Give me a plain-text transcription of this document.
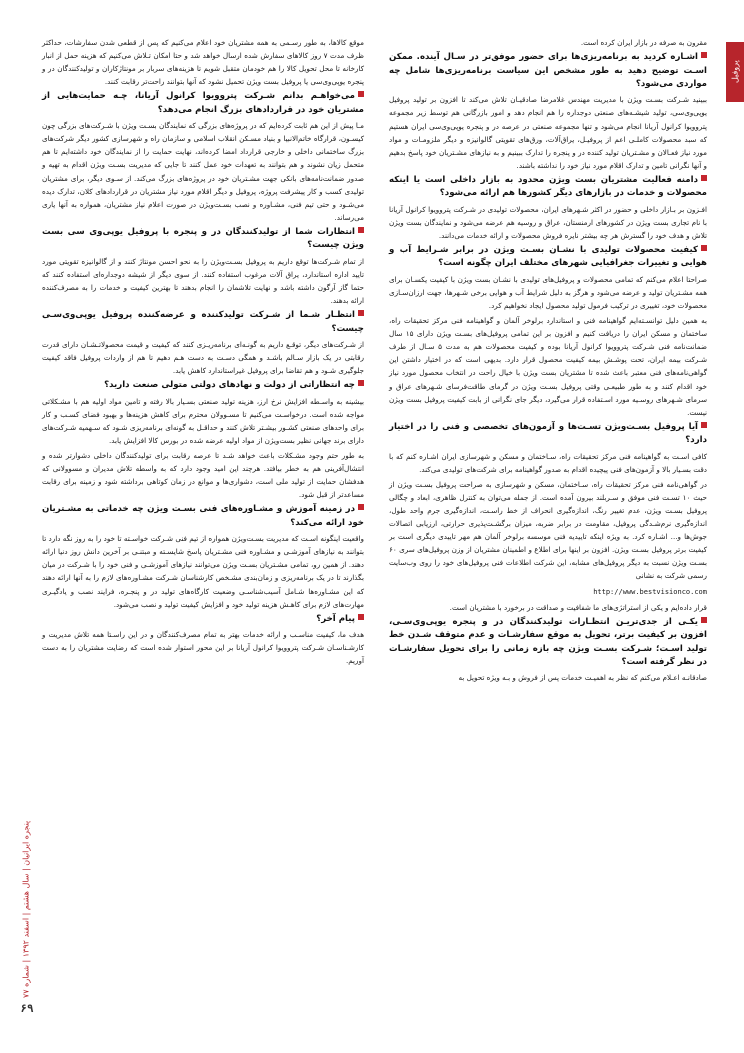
پروفیل
پنجره ایرانیان | سال هشتم | اسفند ۱۳۹۲ | شماره ۷۷
۶۹

مقرون به صرفه در بازار ایران کرده است.

اشـاره کردید به برنامه‌ریزی‌ها برای حضور موفق‌تر در سـال آینده. ممکن اسـت توضیح دهید به طور مشخص این سیاست برنامه‌ریزی‌ها شامل چه مواردی می‌شود؟

ببینید شـرکت بسـت ویژن با مدیریت مهندس غلامرضا صادقیـان تلاش می‌کند تا افزون بر تولید پروفیل یوپی‌وی‌سی، تولید شیشـه‌های صنعتی دوجداره را هم انجام دهد و امور بازرگانی هم توسط زیر مجموعه پتروویوا کرانول آریانا انجام می‌شود و تنها مجموعه صنعتی در عرصه در و پنجره یوپی‌وی‌سی ایران هستیم که سبد محصولات کاملـی اعم از پروفیـل، یراق‌آلات، ورق‌های تقویتی گالوانیزه و دیگر ملزومـات و مواد مورد نیاز فعـالان و مشـتریان تولید کننده در و پنجره را تدارک ببینیم و به نیازهای مشـتریان خود پاسخ بدهیم و آنها نگرانی تامین و تدارک اقلام مورد نیاز خود را نداشته باشند.

دامنه فعالیت مشتریان بست ویژن محدود به بازار داخلی است یا اینکه محصولات و خدمات در بازارهای دیگر کشورها هم ارائه می‌شود؟

افـزون بر بـازار داخلی و حضور در اکثر شـهرهای ایران، محصولات تولیدی در شـرکت پتروویوا کرانول آریانا با نام تجاری بست ویژن در کشورهای ارمنستان، عراق و روسیه هم عرضه می‌شود و نمایندگان بست ویژن تلاش و هدف خود را گسترش هر چه بیشتر نایره فروش محصولات و ارائه خدمات می‌دانند.

کیفیت محصولات تولیدی با نشـان بسـت ویژن در برابر شـرایط آب و هوایی و تغییرات جغرافیایی شهرهای مختلف ایران چگونه است؟

صراحتا اعلام می‌کنم که تمامی محصولات و پروفیل‌های تولیدی با نشـان بست ویژن با کیفیت یکسـان برای همه مشـتریان تولید و عرضه می‌شود و هرگز به دلیل شرایط آب و هوایی برخی شـهرها، جهت ارزان‌سـازی محصولات خود، تغییری در ترکیب فرمول تولید محصول ایجاد نخواهیم کرد.

به همین دلیل توانسـته‌ایم گواهینامه فنی و استاندارد برلوخر آلمان و گواهینامه فنی مرکز تحقیقات راه، ساختمان و مسکن ایران را دریافت کنیم و افزون بر این تمامی پروفیل‌های بسـت ویژن دارای ۱۵ سال ضمانت‌نامه فنی شـرکت پتروویوا کرانول آریانا بوده و کیفیت محصولات هم به مدت ۵ سـال از طرف شـرکت بیمه ایران، تحت پوشـش بیمه کیفیت محصول قرار دارد. بدیهی است که در اختیار داشتن این گواهی‌نامه‌های فنی معتبر باعث شده تا مشتریان بست ویژن با خیال راحت در انتخاب محصول مورد نیاز خود اقدام کنند و به طور طبیعـی وقتی پروفیل بسـت ویژن در گرمای طاقت‌فرسای شـهرهای عراق و سرمای شـهرهای روسـیه مورد اسـتفاده قرار می‌گیرد، دیگر جای نگرانی از بابت کیفیت پروفیل بست ویژن نیست.

آیا پروفیل بسـت‌ویژن تسـت‌ها و آزمون‌های تخصصی و فنی را در اختیار دارد؟

کافی اسـت به گواهینامه فنی مرکز تحقیقات راه، سـاختمان و مسکن و شهرسازی ایران اشـاره کنم که با دقت بسـیار بالا و آزمون‌های فنی پیچیده اقدام به صدور گواهینامه برای شرکت‌های تولیدی می‌کند.

در گواهی‌نامه فنی مرکز تحقیقات راه، سـاختمان، مسکن و شهرسازی به صراحت پروفیل بسـت ویژن از حیث ۱۰ تسـت فنی موفق و سـربلند بیرون آمده است. از جمله می‌توان به کنترل ظاهری، ابعاد و چگالی پروفیل بسـت ویژن، عدم تغییر رنگ، اندازه‌گیری انحراف از خط راسـت، اندازه‌گیری جرم واحد طول، اندازه‌گیری نرم‌شـدگی پروفیل، مقاومت در برابر ضربه، میزان برگشـت‌پذیری حرارتی، ارزیابی اتصالات جوش‌ها و... اشـاره کرد. به ویژه اینکه تاییدیه فنی موسسه برلوخر آلمان هم مهر تاییدی دیگری است بر کیفیت برتر پروفیل بسـت ویژن. افزون بر اینها برای اطلاع و اطمینان مشتریان از وزن پروفیل‌های سری ۶۰ بسـت ویژن نسبت به دیگر پروفیل‌های مشابه، این شرکت اطلاعات فنی پروفیل‌های خود را روی وب‌سایت رسمی شرکت به نشانی

http://www.bestvisionco.com

قرار داده‌ایم و یکی از استراتژی‌های ما شفافیت و صداقت در برخورد با مشتریان است.

یکـی از جدی‌تریـن انتظـارات تولیدکنندگان در و پنجره یوپی‌وی‌سـی، افزون بر کیفیت برتر، تحویل به موقع سفارشـات و عدم متوقف شـدن خط تولید اسـت؛ شـرکت بسـت ویژن چه بازه زمانی را برای تحویل سفارشـات در نظر گرفته است؟

صادقانـه اعـلام می‌کنم که نظر به اهمیـت خدمات پس از فروش و بـه ویژه تحویل به

موقع کالاها، به طور رسـمی به همه مشتریان خود اعلام می‌کنیم که پس از قطعی شدن سفارشات، حداکثر ظرف مدت ۷ روز کالاهای سفارش شده ارسال خواهد شد و حتا امکان تـلاش می‌کنیم که هزینه حمل از انبار کارخانه تا محل تحویل کالا را هم خودمان متقبل شویم تا هزینه‌های سربار بر مونتاژکاران و تولیدکنندگان در و پنجره یوپی‌وی‌سی یا پروفیل بست ویژن تحمیل نشود که آنها بتوانند راحت‌تر رقابت کنند.

می‌خواهـم بدانم شـرکت پتروویوا کرانول آریانا، چـه حمایت‌هایی از مشتریان خود در قراردادهای بزرگ انجام می‌دهد؟

مـا پیش از این هم ثابت کرده‌ایم که در پروژه‌های بزرگی که نمایندگان بسـت ویژن با شـرکت‌های بزرگی چون کیسـون، قرارگاه خاتم‌الانبیا و بنیاد مسـکن انقلاب اسلامی و سازمان راه و شهرسازی کشور دیگر شرکت‌های بزرگ ساختمانی داخلی و خارجی قرارداد امضا کرده‌اند، نهایت حمایت را از نمایندگان خود داشته‌ایم تا هم متحمل زیان نشوند و هم بتوانند به تعهدات خود عمل کنند تا جایی که مدیریت بسـت ویژن اقدام به تهیه و صدور ضمانت‌نامه‌های بانکی جهت مشـتریان خود در پروژه‌های بزرگ می‌کند. از سـوی دیگر، برای مشتریان تولیدی کسب و کار پیشرفت پروژه، پروفیل و دیگر اقلام مورد نیاز مشتریان در قراردادهای کلان، تدارک دیده می‌شـود و حتی تیم فنی، مشـاوره و نصب بسـت‌ویژن در صورت اعلام نیاز مشتریان، همواره به آنها یاری می‌رساند.

انتظارات شما از تولیدکنندگان در و پنجره با پروفیل یوپی‌وی‌ سی بست ویژن چیست؟

از تمام شـرکت‌ها توقع داریم به پروفیل بسـت‌ویژن را به نحو احسن مونتاژ کنند و از گالوانیزه تقویتی مورد تایید اداره استاندارد، یراق آلات مرغوب استفاده کنند. از سوی دیگر از شیشه دوجداره‌ای استفاده کنند که حتما گاز آرگون داشته باشد و نهایت تلاشمان را انجام بدهند تا بهترین کیفیت و خدمات را به مصرف‌کننده ارائه بدهند.

انتظـار شـما از شـرکت تولیدکننده و عرضه‌کننده پروفیل یوپی‌وی‌سـی چیست؟

از شـرکت‌های دیگر، توقـع داریم به گونـه‌ای برنامه‌ریـزی کنند که کیفیت و قیمت محصولاتـشـان دارای قدرت رقابتی در یک بازار سـالم باشـد و همگی دسـت به دست هـم دهیم تا هم از واردات پروفیل فاقد کیفیت جلوگیری شـود و هم تقاضا برای پروفیل غیراستاندارد کاهش یابد.

چه انتظاراتی از دولت و نهادهای دولتی متولی صنعت دارید؟

بیشینه به واسـطه افزایش نرخ ارز، هزینه تولید صنعتی بسـیار بالا رفته و تامین مواد اولیه هم با مشـکلاتی مواجه شده است. درخواسـت می‌کنیم تا مسـوولان محترم برای کاهش هزینه‌ها و بهبود فضای کسـب و کار برای واحدهای صنعتی کشـور بیشـتر تلاش کنند و حداقـل به گونه‌ای برنامه‌ریزی شـود که سـهمیه شـرکت‌های دارای برند جهانی نظیر بست‌ویژن از مواد اولیه عرضه شده در بورس کالا افزایش یابد.

به طور حتم وجود مشـکلات باعث خواهد شـد تا عرصه رقابت برای تولیدکنندگان داخلی دشوارتر شده و انتشال‌آفرینی هم به خطر بیافتد. هرچند این امید وجود دارد که به واسطه تلاش مدیران و مسوولانی که هدفشان حمایت از تولید ملی است، دشواری‌ها و موانع در زمان کوتاهی برداشته شود و زمینه برای رقابت مساعدتر از قبل شود.

در زمینه آموزش و مشـاوره‌های فنی بسـت ویژن چه خدماتی به مشـتریان خود ارائه می‌کند؟

واقعیت اینگونه اسـت که مدیریت بسـت‌ویژن همواره از تیم فنی شـرکت خواسـته تا خود را به روز نگه دارد تا بتوانند به نیازهای آموزشـی و مشـاوره فنی مشـتریان پاسخ شایسـته و مبتنـی بر آخرین دانش روز دنیا ارائه دهند. از همین رو، تمامی مشـتریان بسـت ویژن می‌توانند نیازهای آموزشـی و فنی خود را با شـرکت در میان بگذارند تا در یک برنامه‌ریزی و زمان‌بندی مشـخص کارشناسان شـرکت مشـاوره‌های لازم را به آنها ارائه دهند که این مشـاوره‌ها شـامل آسیب‌شناسـی وضعیت کارگاه‌های تولید در و پنجـره، فرایند نصب و یادگیـری مهارت‌های لازم برای کاهـش هزینه تولید خود و افزایش کیفیت تولید و نصب می‌شود.

پیام آخر؟

هدف ما، کیفیت مناسـب و ارائه خدمات بهتر به تمام مصرف‌کنندگان و در این راسـتا همه تلاش مدیریت و کارشـناسـان شـرکت پتروویوا کرانول آریانا بر این محور استوار شده است که رضایت مشتریان را به دست آوریم.
